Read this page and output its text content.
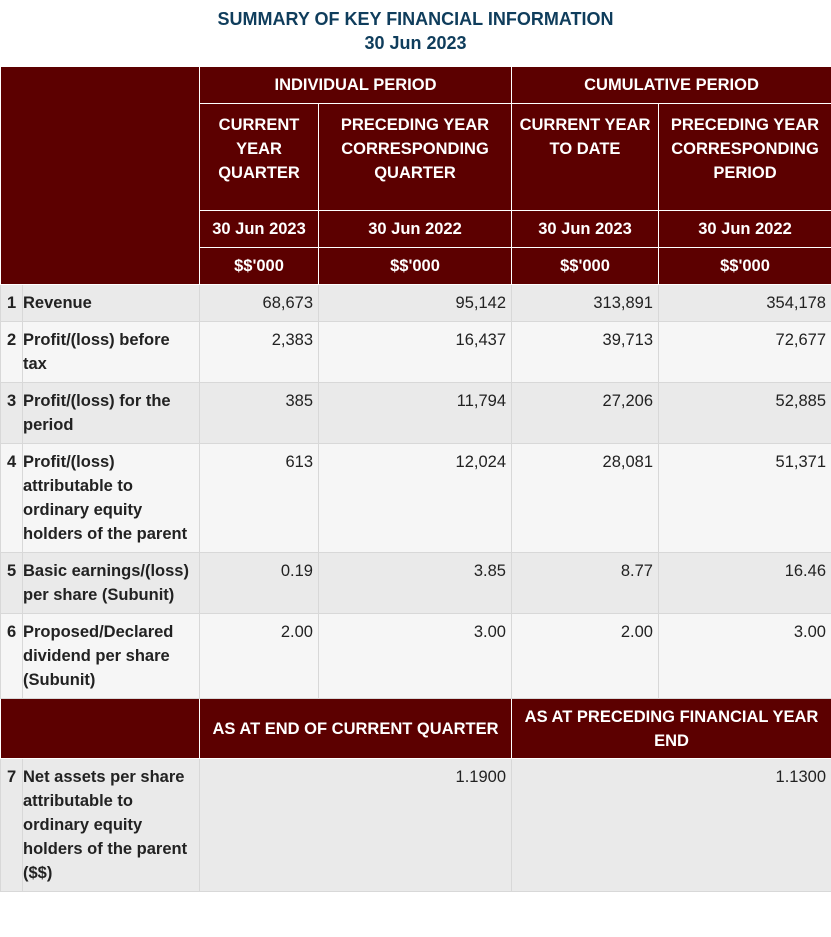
SUMMARY OF KEY FINANCIAL INFORMATION
30 Jun 2023
		INDIVIDUAL PERIOD		CUMULATIVE PERIOD	
		CURRENT YEAR QUARTER	PRECEDING YEAR CORRESPONDING QUARTER	CURRENT YEAR TO DATE	PRECEDING YEAR CORRESPONDING PERIOD
		30 Jun 2023	30 Jun 2022	30 Jun 2023	30 Jun 2022
		$$'000	$$'000	$$'000	$$'000
1	Revenue	68,673	95,142	313,891	354,178
2	Profit/(loss) before tax	2,383	16,437	39,713	72,677
3	Profit/(loss) for the period	385	11,794	27,206	52,885
4	Profit/(loss) attributable to ordinary equity holders of the parent	613	12,024	28,081	51,371
5	Basic earnings/(loss) per share (Subunit)	0.19	3.85	8.77	16.46
6	Proposed/Declared dividend per share (Subunit)	2.00	3.00	2.00	3.00
		AS AT END OF CURRENT QUARTER		AS AT PRECEDING FINANCIAL YEAR END	
7	Net assets per share attributable to ordinary equity holders of the parent ($$)	1.1900		1.1300	
